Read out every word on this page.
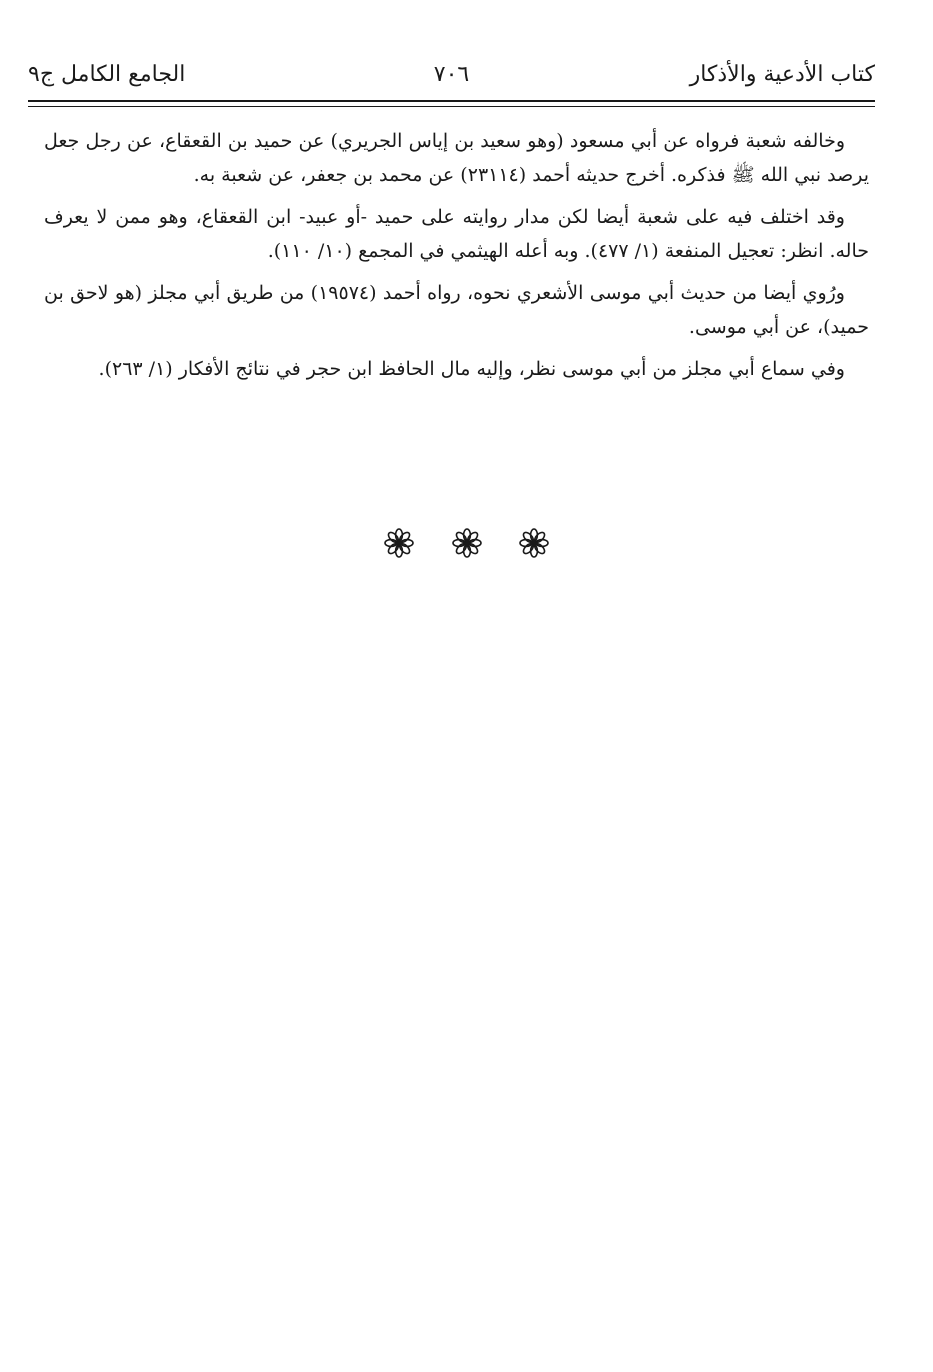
كتاب الأدعية والأذكار
٧٠٦
الجامع الكامل ج٩

وخالفه شعبة فرواه عن أبي مسعود (وهو سعيد بن إياس الجريري) عن حميد بن القعقاع، عن رجل جعل يرصد نبي الله ﷺ فذكره. أخرج حديثه أحمد (٢٣١١٤) عن محمد بن جعفر، عن شعبة به.

وقد اختلف فيه على شعبة أيضا لكن مدار روايته على حميد -أو عبيد- ابن القعقاع، وهو ممن لا يعرف حاله. انظر: تعجيل المنفعة (١/ ٤٧٧). وبه أعله الهيثمي في المجمع (١٠/ ١١٠).

ورُوي أيضا من حديث أبي موسى الأشعري نحوه، رواه أحمد (١٩٥٧٤) من طريق أبي مجلز (هو لاحق بن حميد)، عن أبي موسى.

وفي سماع أبي مجلز من أبي موسى نظر، وإليه مال الحافظ ابن حجر في نتائج الأفكار (١/ ٢٦٣).
